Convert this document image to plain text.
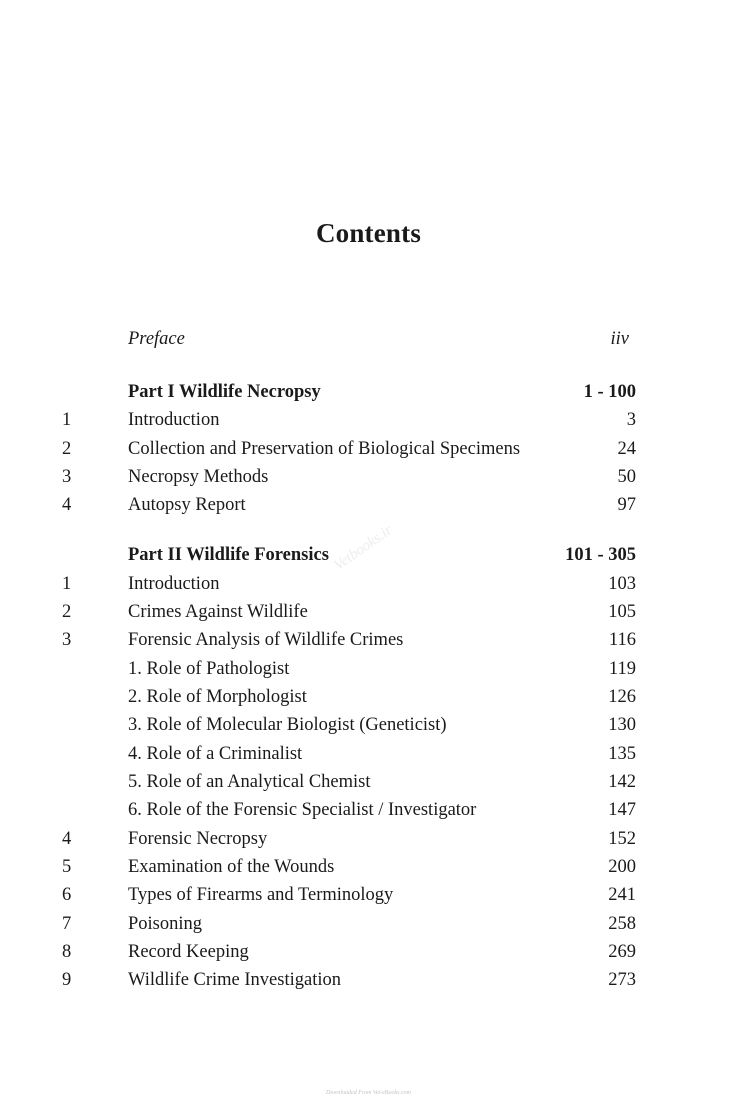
Contents
Preface	iiv
Part I Wildlife Necropsy	1 - 100
1	Introduction	3
2	Collection and Preservation of Biological Specimens	24
3	Necropsy Methods	50
4	Autopsy Report	97
Part II Wildlife Forensics	101 - 305
1	Introduction	103
2	Crimes Against Wildlife	105
3	Forensic Analysis of Wildlife Crimes	116
1. Role of Pathologist	119
2. Role of Morphologist	126
3. Role of Molecular Biologist (Geneticist)	130
4. Role of a Criminalist	135
5. Role of an Analytical Chemist	142
6. Role of the Forensic Specialist / Investigator	147
4	Forensic Necropsy	152
5	Examination of the Wounds	200
6	Types of Firearms and Terminology	241
7	Poisoning	258
8	Record Keeping	269
9	Wildlife Crime Investigation	273
Vetbooks.ir
Downloaded From Vet-eBooks.com
